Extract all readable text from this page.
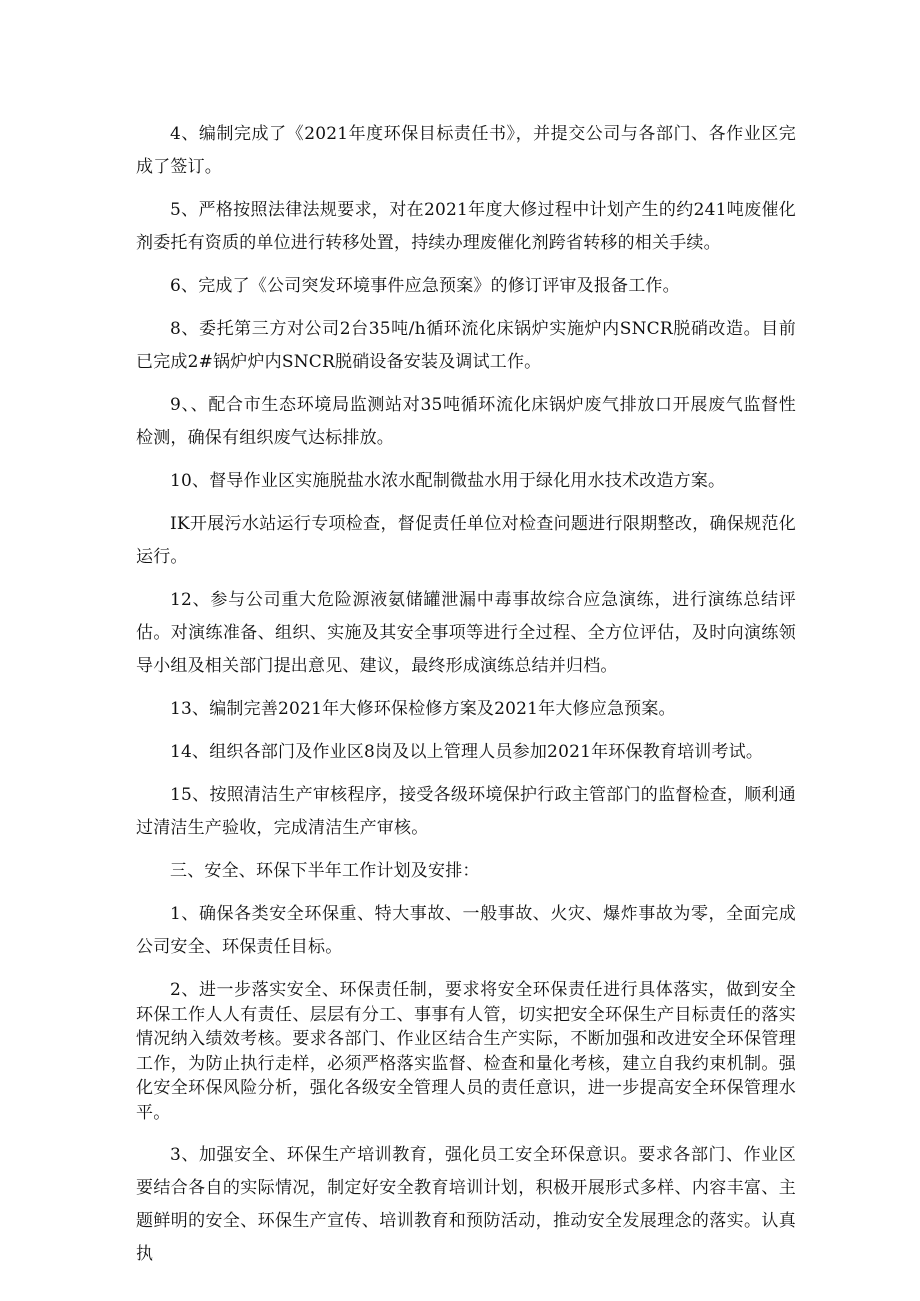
4、编制完成了《2021年度环保目标责任书》，并提交公司与各部门、各作业区完成了签订。

5、严格按照法律法规要求，对在2021年度大修过程中计划产生的约241吨废催化剂委托有资质的单位进行转移处置，持续办理废催化剂跨省转移的相关手续。

6、完成了《公司突发环境事件应急预案》的修订评审及报备工作。

8、委托第三方对公司2台35吨/h循环流化床锅炉实施炉内SNCR脱硝改造。目前已完成2#锅炉炉内SNCR脱硝设备安装及调试工作。

9、、配合市生态环境局监测站对35吨循环流化床锅炉废气排放口开展废气监督性检测，确保有组织废气达标排放。

10、督导作业区实施脱盐水浓水配制微盐水用于绿化用水技术改造方案。

IK开展污水站运行专项检查，督促责任单位对检查问题进行限期整改，确保规范化运行。

12、参与公司重大危险源液氨储罐泄漏中毒事故综合应急演练，进行演练总结评估。对演练准备、组织、实施及其安全事项等进行全过程、全方位评估，及时向演练领导小组及相关部门提出意见、建议，最终形成演练总结并归档。

13、编制完善2021年大修环保检修方案及2021年大修应急预案。

14、组织各部门及作业区8岗及以上管理人员参加2021年环保教育培训考试。

15、按照清洁生产审核程序，接受各级环境保护行政主管部门的监督检查，顺利通过清洁生产验收，完成清洁生产审核。

三、安全、环保下半年工作计划及安排：

1、确保各类安全环保重、特大事故、一般事故、火灾、爆炸事故为零，全面完成公司安全、环保责任目标。

2、进一步落实安全、环保责任制，要求将安全环保责任进行具体落实，做到安全环保工作人人有责任、层层有分工、事事有人管，切实把安全环保生产目标责任的落实情况纳入绩效考核。要求各部门、作业区结合生产实际，不断加强和改进安全环保管理工作，为防止执行走样，必须严格落实监督、检查和量化考核，建立自我约束机制。强化安全环保风险分析，强化各级安全管理人员的责任意识，进一步提高安全环保管理水平。

3、加强安全、环保生产培训教育，强化员工安全环保意识。要求各部门、作业区要结合各自的实际情况，制定好安全教育培训计划，积极开展形式多样、内容丰富、主题鲜明的安全、环保生产宣传、培训教育和预防活动，推动安全发展理念的落实。认真执
